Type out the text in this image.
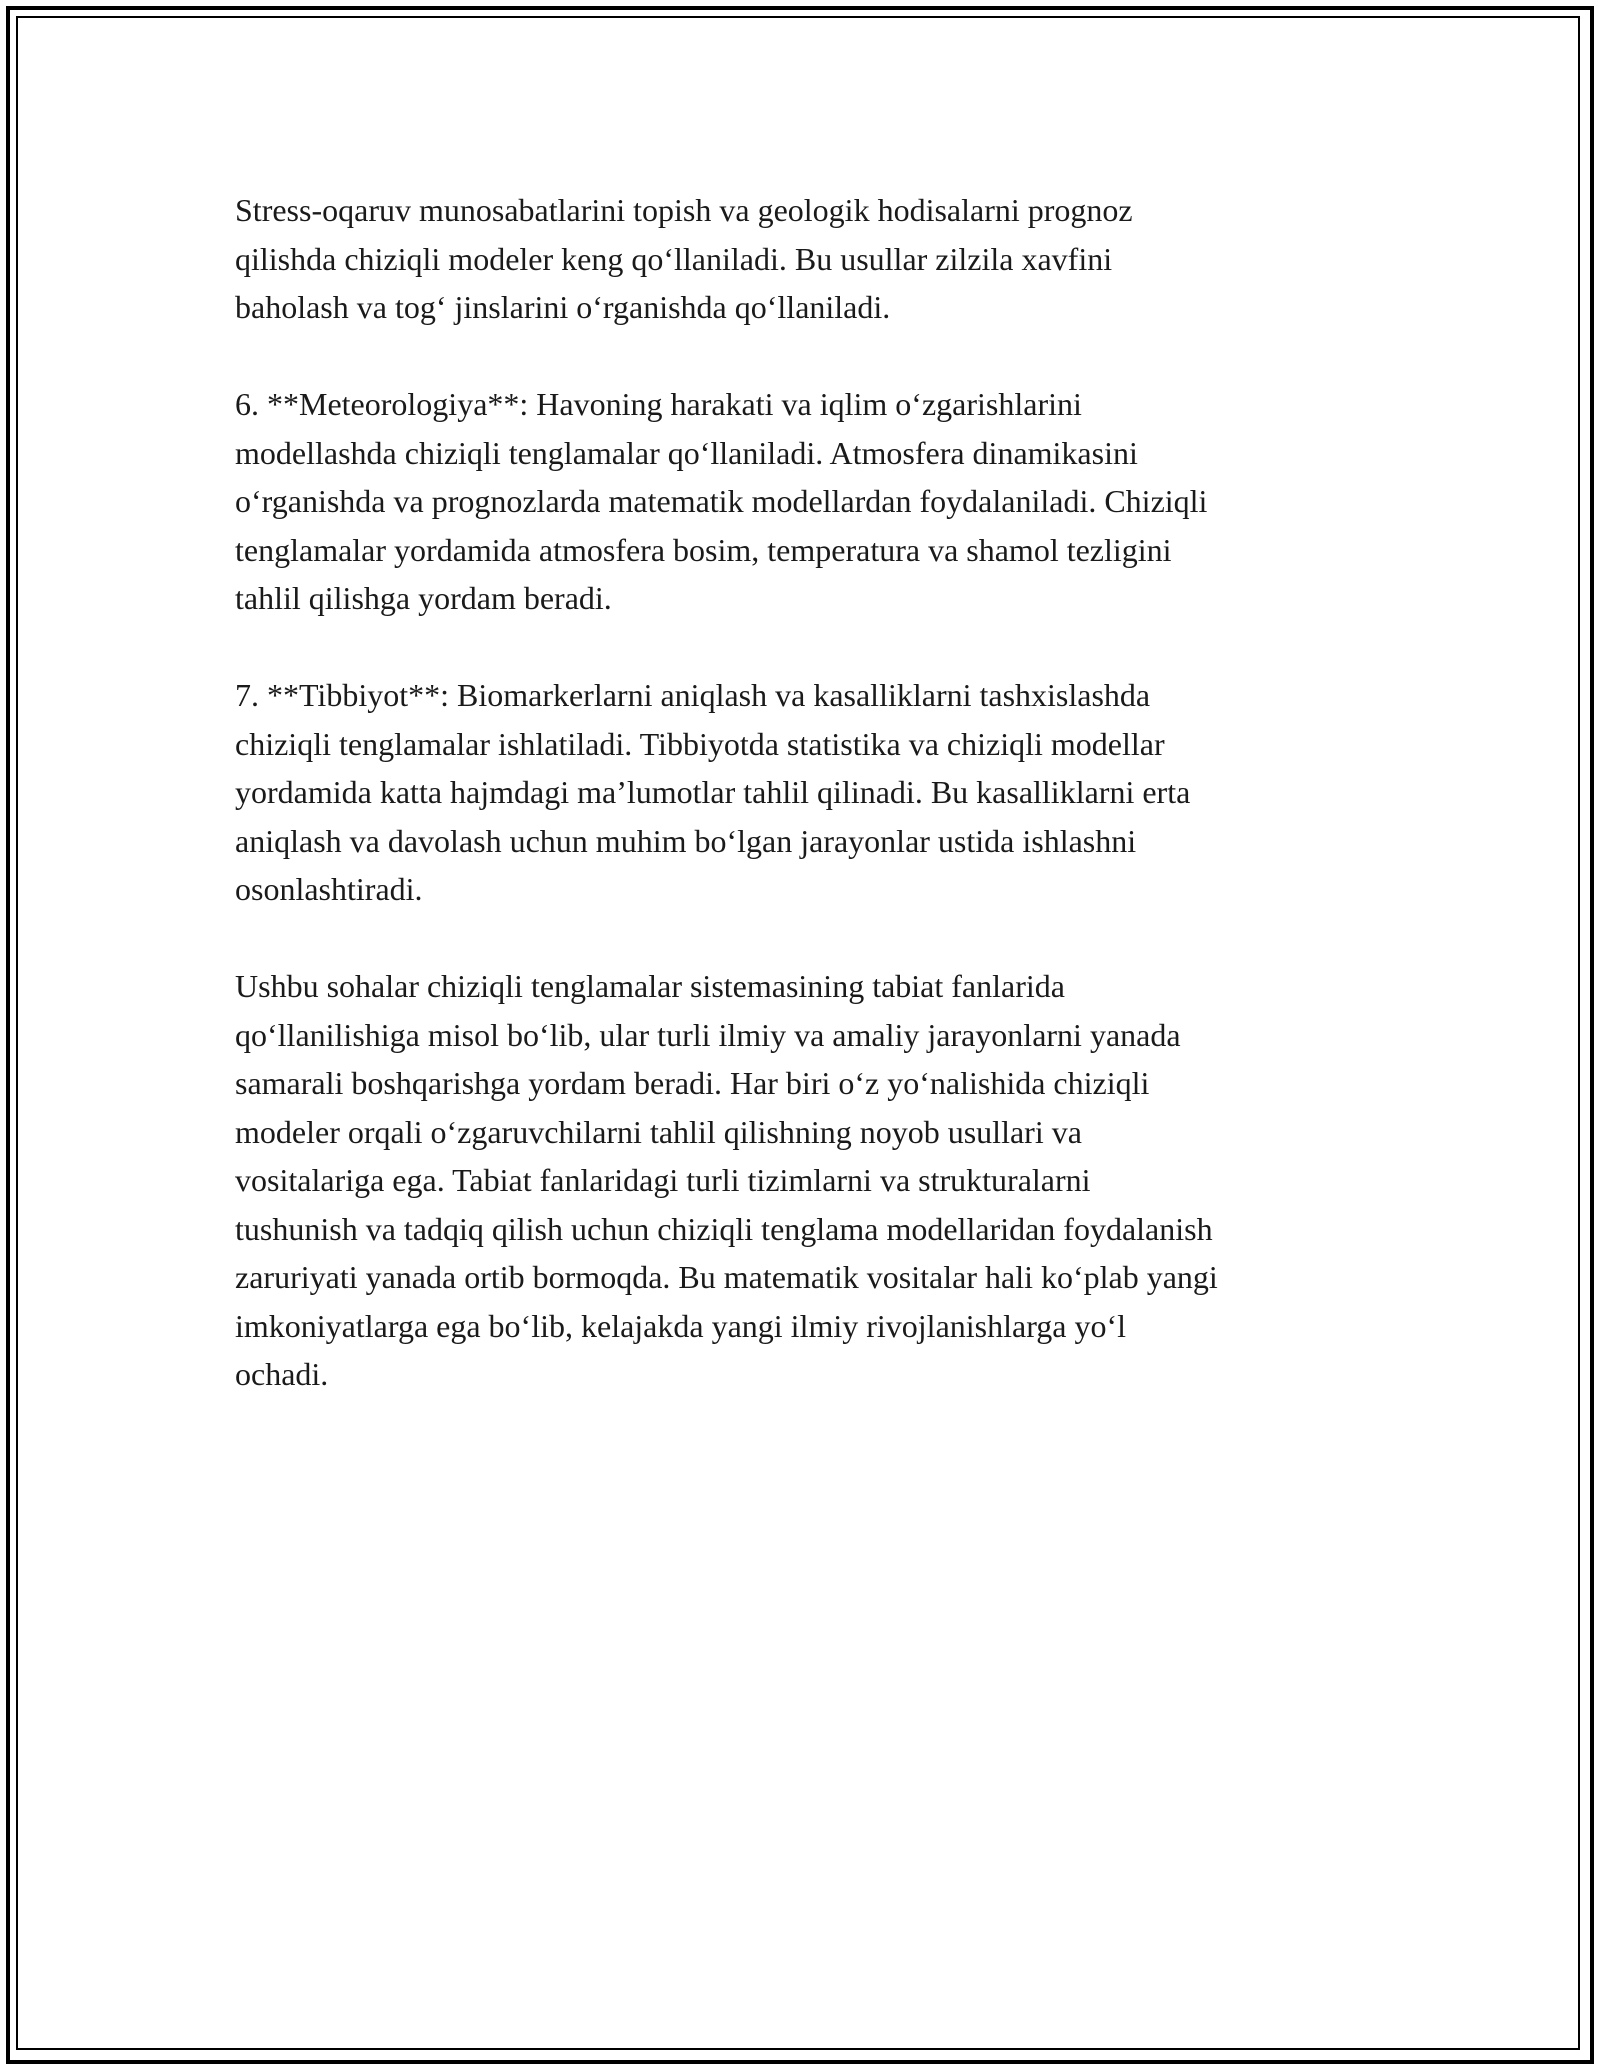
Stress-oqaruv munosabatlarini topish va geologik hodisalarni prognoz
qilishda chiziqli modeler keng qo‘llaniladi. Bu usullar zilzila xavfini
baholash va tog‘ jinslarini o‘rganishda qo‘llaniladi.

6. **Meteorologiya**: Havoning harakati va iqlim o‘zgarishlarini
modellashda chiziqli tenglamalar qo‘llaniladi. Atmosfera dinamikasini
o‘rganishda va prognozlarda matematik modellardan foydalaniladi. Chiziqli
tenglamalar yordamida atmosfera bosim, temperatura va shamol tezligini
tahlil qilishga yordam beradi.

7. **Tibbiyot**: Biomarkerlarni aniqlash va kasalliklarni tashxislashda
chiziqli tenglamalar ishlatiladi. Tibbiyotda statistika va chiziqli modellar
yordamida katta hajmdagi ma’lumotlar tahlil qilinadi. Bu kasalliklarni erta
aniqlash va davolash uchun muhim bo‘lgan jarayonlar ustida ishlashni
osonlashtiradi.

Ushbu sohalar chiziqli tenglamalar sistemasining tabiat fanlarida
qo‘llanilishiga misol bo‘lib, ular turli ilmiy va amaliy jarayonlarni yanada
samarali boshqarishga yordam beradi. Har biri o‘z yo‘nalishida chiziqli
modeler orqali o‘zgaruvchilarni tahlil qilishning noyob usullari va
vositalariga ega. Tabiat fanlaridagi turli tizimlarni va strukturalarni
tushunish va tadqiq qilish uchun chiziqli tenglama modellaridan foydalanish
zaruriyati yanada ortib bormoqda. Bu matematik vositalar hali ko‘plab yangi
imkoniyatlarga ega bo‘lib, kelajakda yangi ilmiy rivojlanishlarga yo‘l
ochadi.
